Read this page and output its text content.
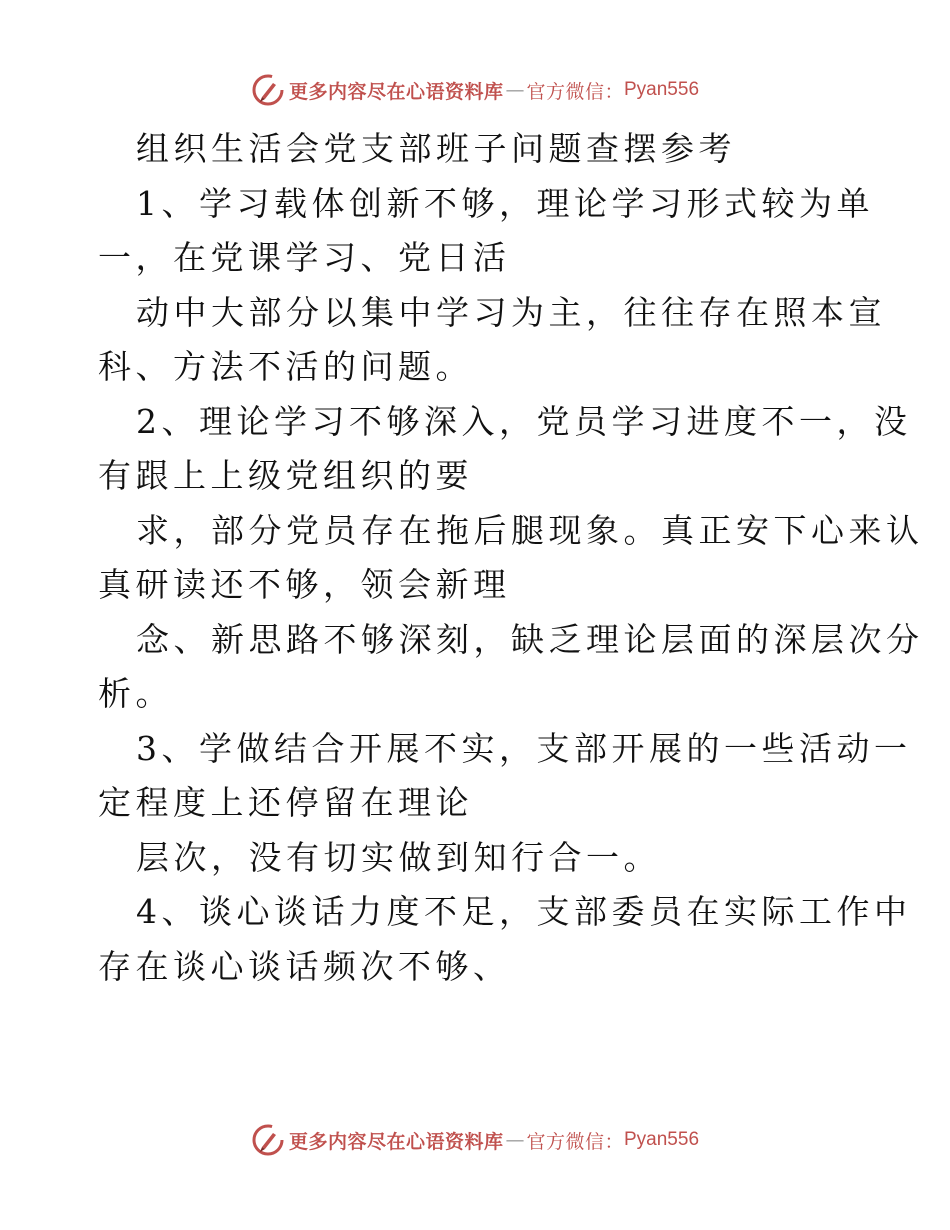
更多内容尽在心语资料库 — 官方微信： Pyan556
组织生活会党支部班子问题查摆参考
1、学习载体创新不够，理论学习形式较为单
一，在党课学习、党日活
动中大部分以集中学习为主，往往存在照本宣
科、方法不活的问题。
2、理论学习不够深入，党员学习进度不一，没
有跟上上级党组织的要
求，部分党员存在拖后腿现象。真正安下心来认
真研读还不够，领会新理
念、新思路不够深刻，缺乏理论层面的深层次分
析。
3、学做结合开展不实，支部开展的一些活动一
定程度上还停留在理论
层次，没有切实做到知行合一。
4、谈心谈话力度不足，支部委员在实际工作中
存在谈心谈话频次不够、
更多内容尽在心语资料库 — 官方微信： Pyan556
